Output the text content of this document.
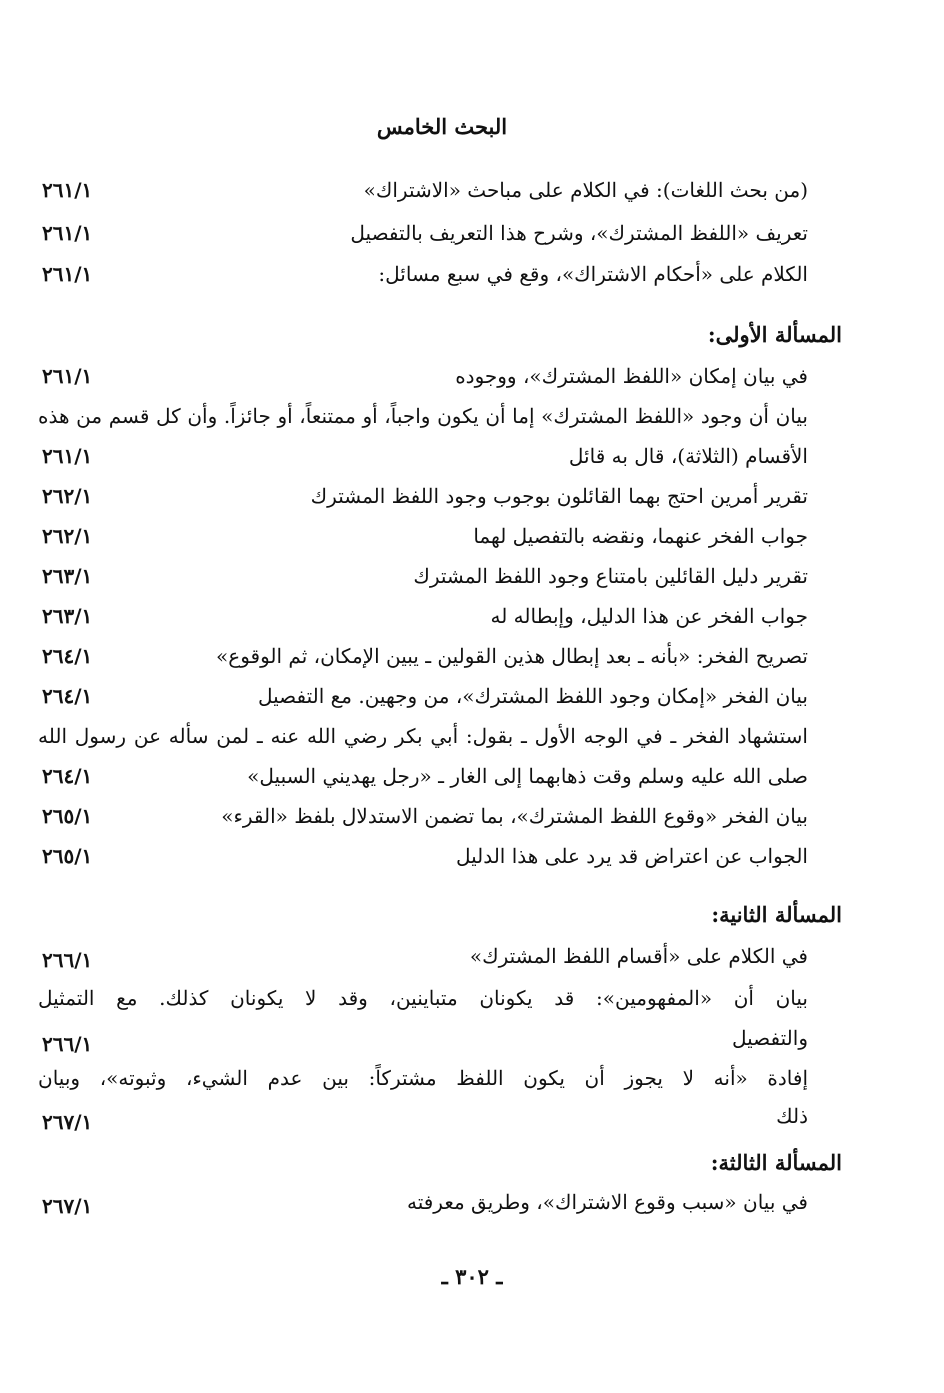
البحث الخامس
(من بحث اللغات): في الكلام على مباحث «الاشتراك»
٢٦١/١
تعريف «اللفظ المشترك»، وشرح هذا التعريف بالتفصيل
٢٦١/١
الكلام على «أحكام الاشتراك»، وقع في سبع مسائل:
٢٦١/١
المسألة الأولى:
في بيان إمكان «اللفظ المشترك»، ووجوده
٢٦١/١
بيان أن وجود «اللفظ المشترك» إما أن يكون واجباً، أو ممتنعاً، أو جائزاً. وأن كل قسم من هذه
الأقسام (الثلاثة)، قال به قائل
٢٦١/١
تقرير أمرين احتج بهما القائلون بوجوب وجود اللفظ المشترك
٢٦٢/١
جواب الفخر عنهما، ونقضه بالتفصيل لهما
٢٦٢/١
تقرير دليل القائلين بامتناع وجود اللفظ المشترك
٢٦٣/١
جواب الفخر عن هذا الدليل، وإبطاله له
٢٦٣/١
تصريح الفخر: «بأنه ـ بعد إبطال هذين القولين ـ يبين الإمكان، ثم الوقوع»
٢٦٤/١
بيان الفخر «إمكان وجود اللفظ المشترك»، من وجهين. مع التفصيل
٢٦٤/١
استشهاد الفخر ـ في الوجه الأول ـ بقول: أبي بكر رضي الله عنه ـ لمن سأله عن رسول الله
صلى الله عليه وسلم وقت ذهابهما إلى الغار ـ «رجل يهديني السبيل»
٢٦٤/١
بيان الفخر «وقوع اللفظ المشترك»، بما تضمن الاستدلال بلفظ «القرء»
٢٦٥/١
الجواب عن اعتراض قد يرد على هذا الدليل
٢٦٥/١
المسألة الثانية:
في الكلام على «أقسام اللفظ المشترك»
٢٦٦/١
بيان أن «المفهومين»: قد يكونان متباينين، وقد لا يكونان كذلك. مع التمثيل
والتفصيل
٢٦٦/١
إفادة «أنه لا يجوز أن يكون اللفظ مشتركاً: بين عدم الشيء، وثبوته»، وبيان
ذلك
٢٦٧/١
المسألة الثالثة:
في بيان «سبب وقوع الاشتراك»، وطريق معرفته
٢٦٧/١
ـ ٣٠٢ ـ
